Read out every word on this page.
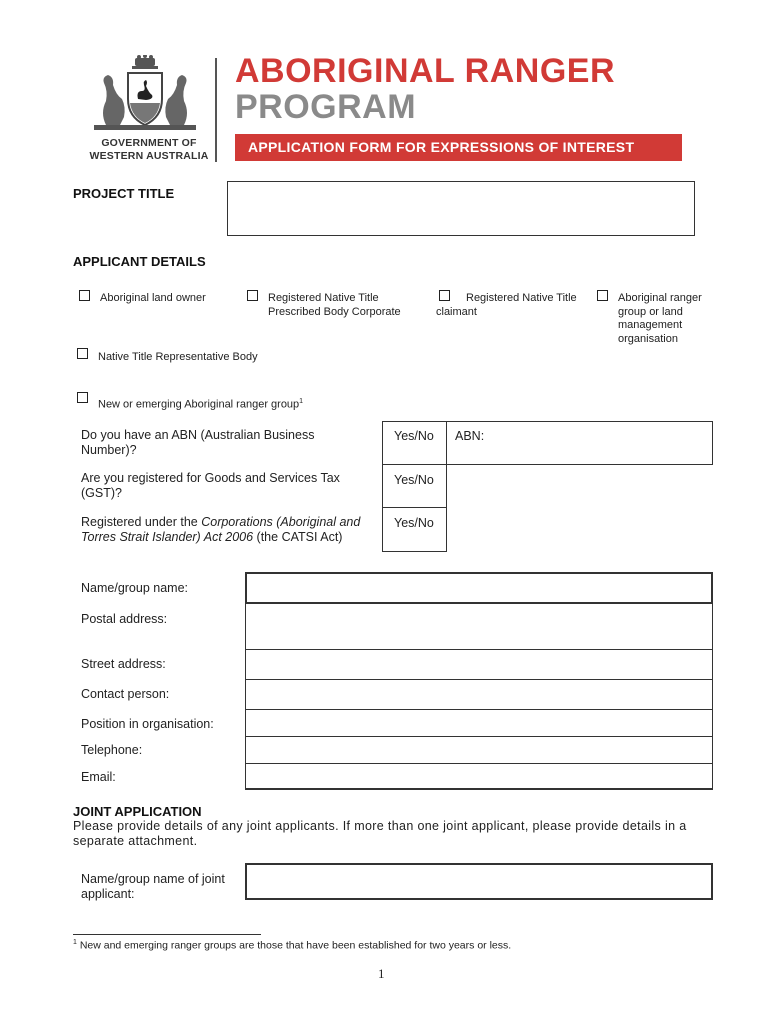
GOVERNMENT OF
WESTERN AUSTRALIA
ABORIGINAL RANGER
PROGRAM
APPLICATION FORM FOR EXPRESSIONS OF INTEREST
PROJECT TITLE
APPLICANT DETAILS
Aboriginal land owner	Registered Native Title
Prescribed Body Corporate
Registered Native Title
claimant
Aboriginal ranger
group or land
management
organisation
Native Title Representative Body
New or emerging Aboriginal ranger group$^1$
Do you have an ABN (Australian Business
Number)?
Yes/No ABN:
Are you registered for Goods and Services Tax
(GST)?
Yes/No
Registered under the Corporations (Aboriginal and
Torres Strait Islander) Act 2006 (the CATSI Act)
Yes/No
Name/group name:
Postal address:
Street address:
Contact person:
Position in organisation:
Telephone:
Email:
JOINT APPLICATION
Please provide details of any joint applicants. If more than one joint applicant, please provide details in a
separate attachment.
Name/group name of joint
applicant:
$^1$ New and emerging ranger groups are those that have been established for two years or less.
1
